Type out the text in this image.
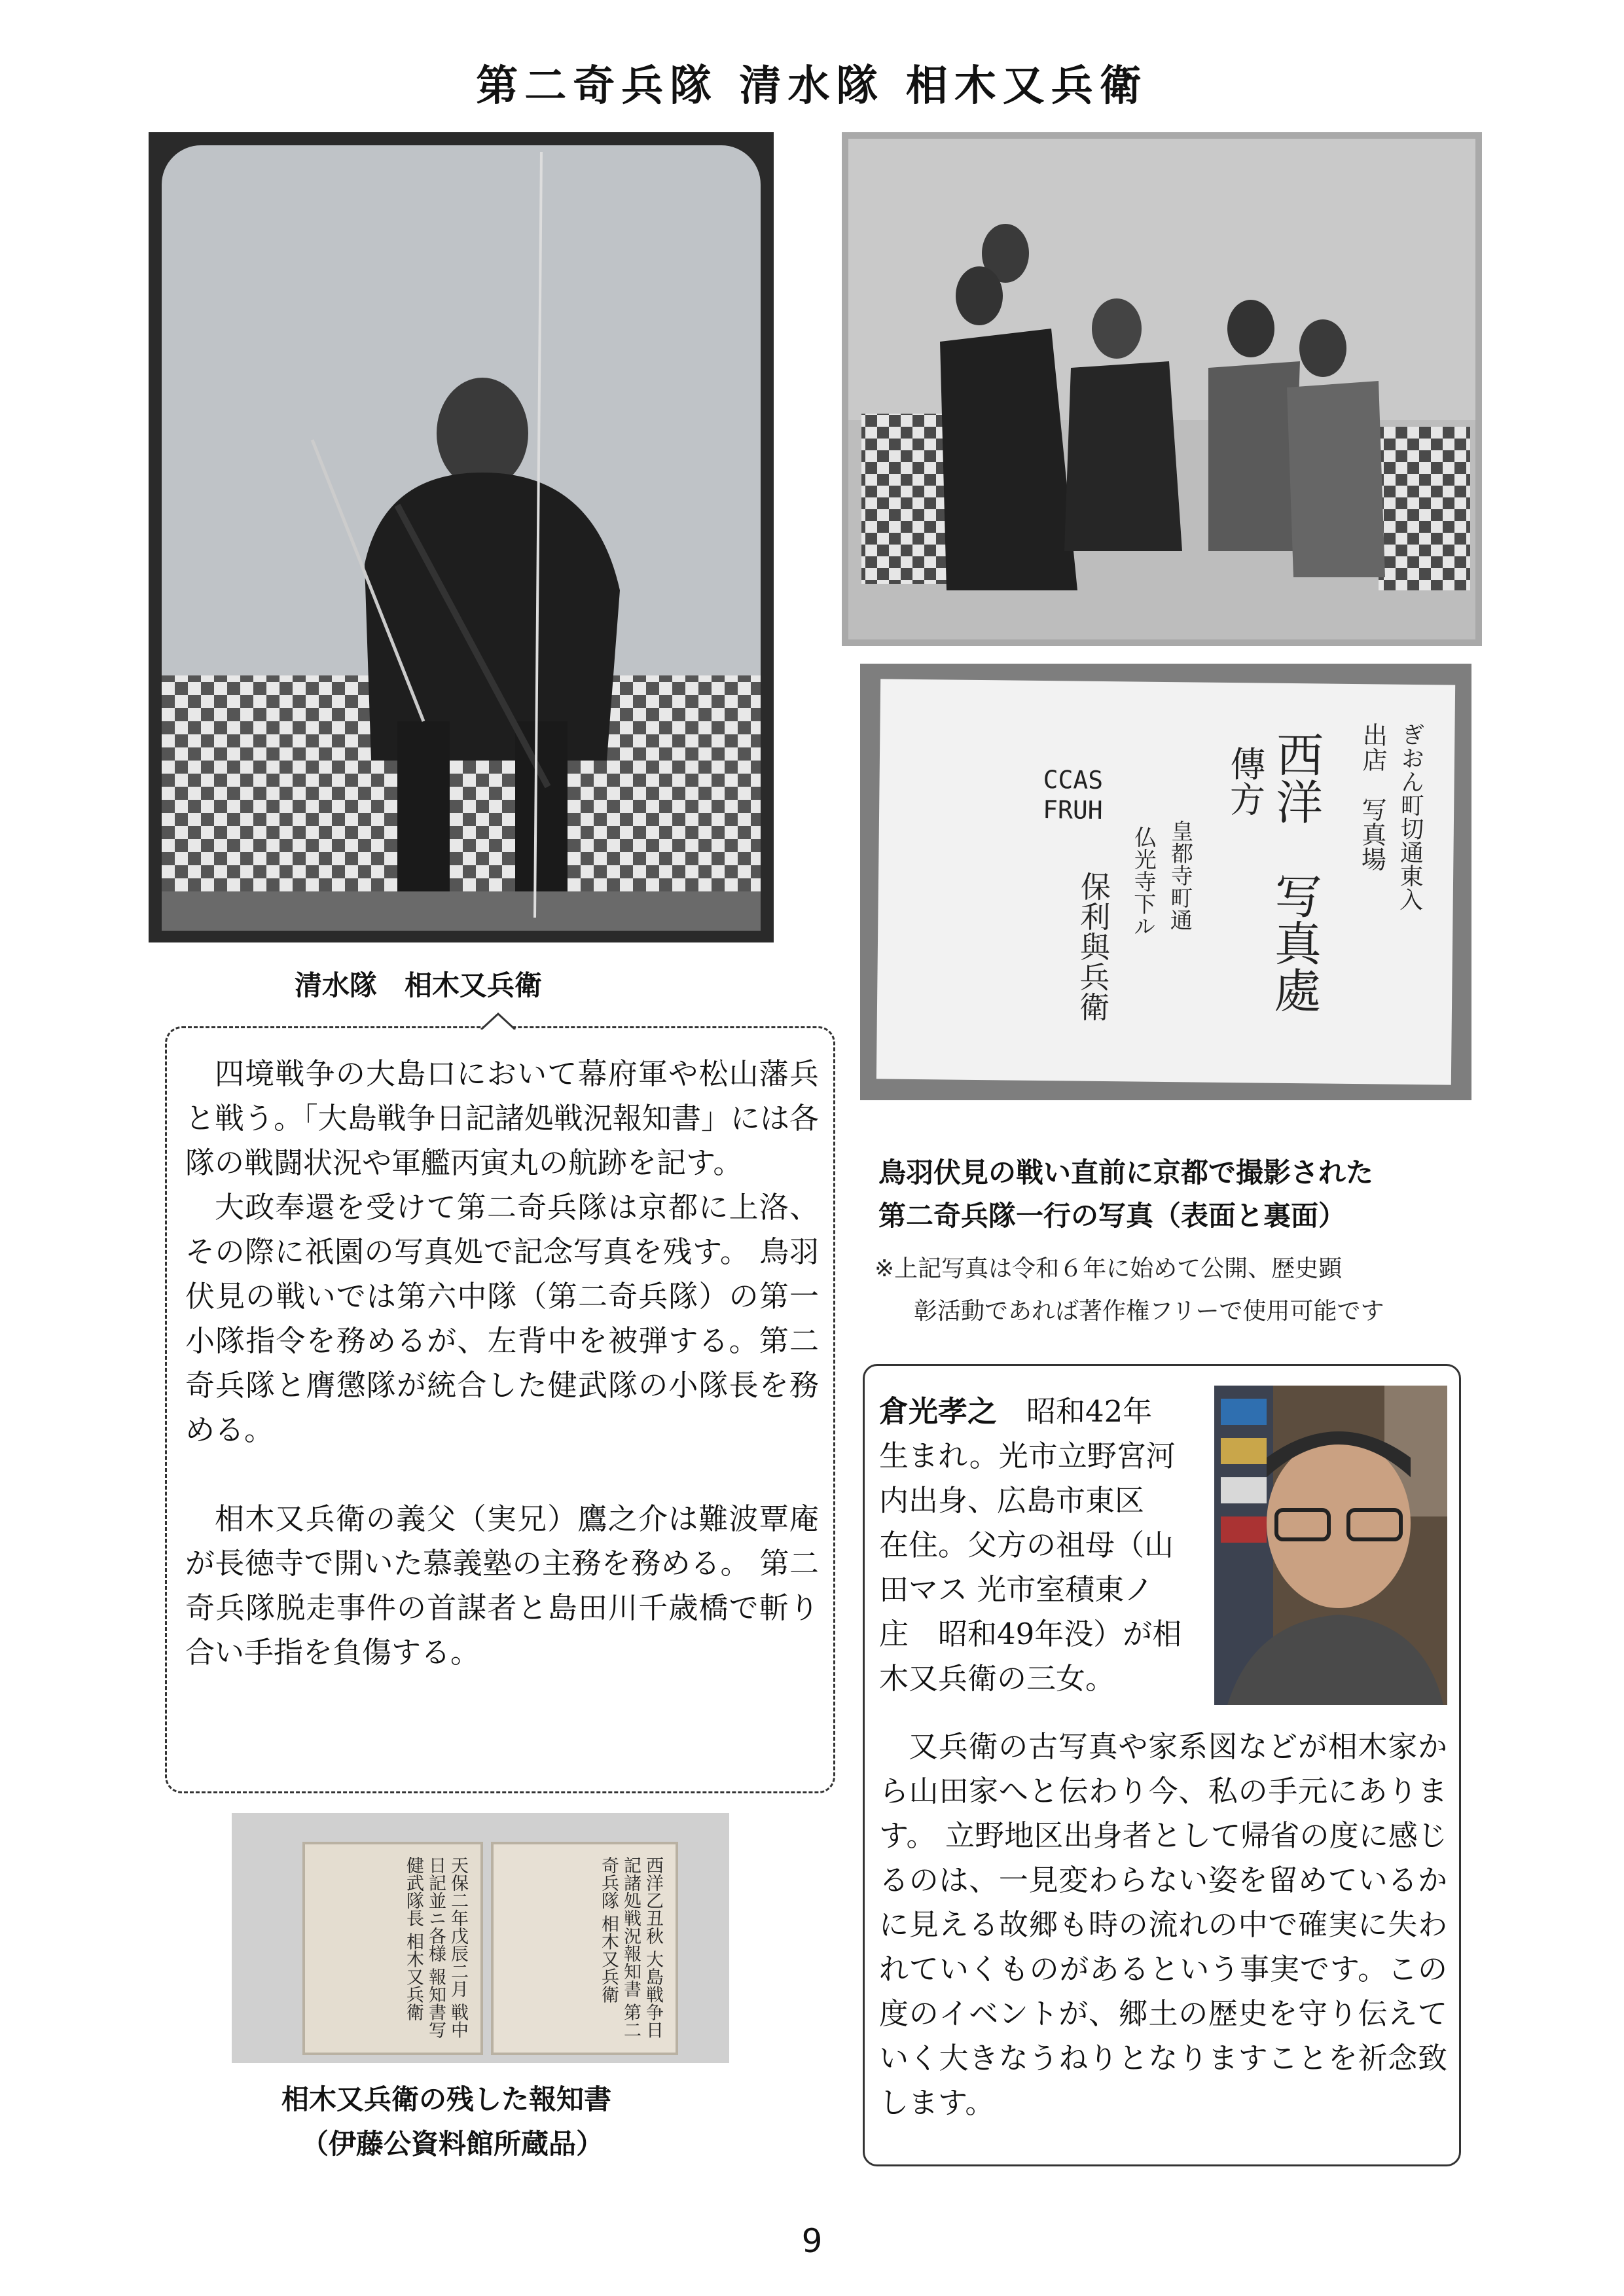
第二奇兵隊 清水隊 相木又兵衛
清水隊　相木又兵衛

四境戦争の大島口において幕府軍や松山藩兵と戦う。「大島戦争日記諸処戦況報知書」には各隊の戦闘状況や軍艦丙寅丸の航跡を記す。

大政奉還を受けて第二奇兵隊は京都に上洛、その際に祇園の写真処で記念写真を残す。 鳥羽伏見の戦いでは第六中隊（第二奇兵隊）の第一小隊指令を務めるが、左背中を被弾する。第二奇兵隊と膺懲隊が統合した健武隊の小隊長を務める。

相木又兵衛の義父（実兄）鷹之介は難波覃庵が長徳寺で開いた慕義塾の主務を務める。 第二奇兵隊脱走事件の首謀者と島田川千歳橋で斬り合い手指を負傷する。

ぎおん町切通東入
出店　写真場
西洋　写真處
傳方
CCAS FRUH
皇都寺町通
仏光寺下ル
保利與兵衛
鳥羽伏見の戦い直前に京都で撮影された
第二奇兵隊一行の写真（表面と裏面）
※上記写真は令和６年に始めて公開、歴史顕
彰活動であれば著作権フリーで使用可能です
天保二年戊辰二月 戦中日記並ニ各様 報知書写 健武隊長 相木又兵衛	西洋乙丑秋 大島戦争日記諸処戦況報知書 第二奇兵隊 相木又兵衛
相木又兵衛の残した報知書
（伊藤公資料館所蔵品）
倉光孝之　昭和42年
生まれ。光市立野宮河
内出身、広島市東区
在住。父方の祖母（山
田マス 光市室積東ノ
庄　昭和49年没）が相
木又兵衛の三女。
又兵衛の古写真や家系図などが相木家から山田家へと伝わり今、私の手元にあります。 立野地区出身者として帰省の度に感じるのは、一見変わらない姿を留めているかに見える故郷も時の流れの中で確実に失われていくものがあるという事実です。この度のイベントが、郷土の歴史を守り伝えていく大きなうねりとなりますことを祈念致します。
9
